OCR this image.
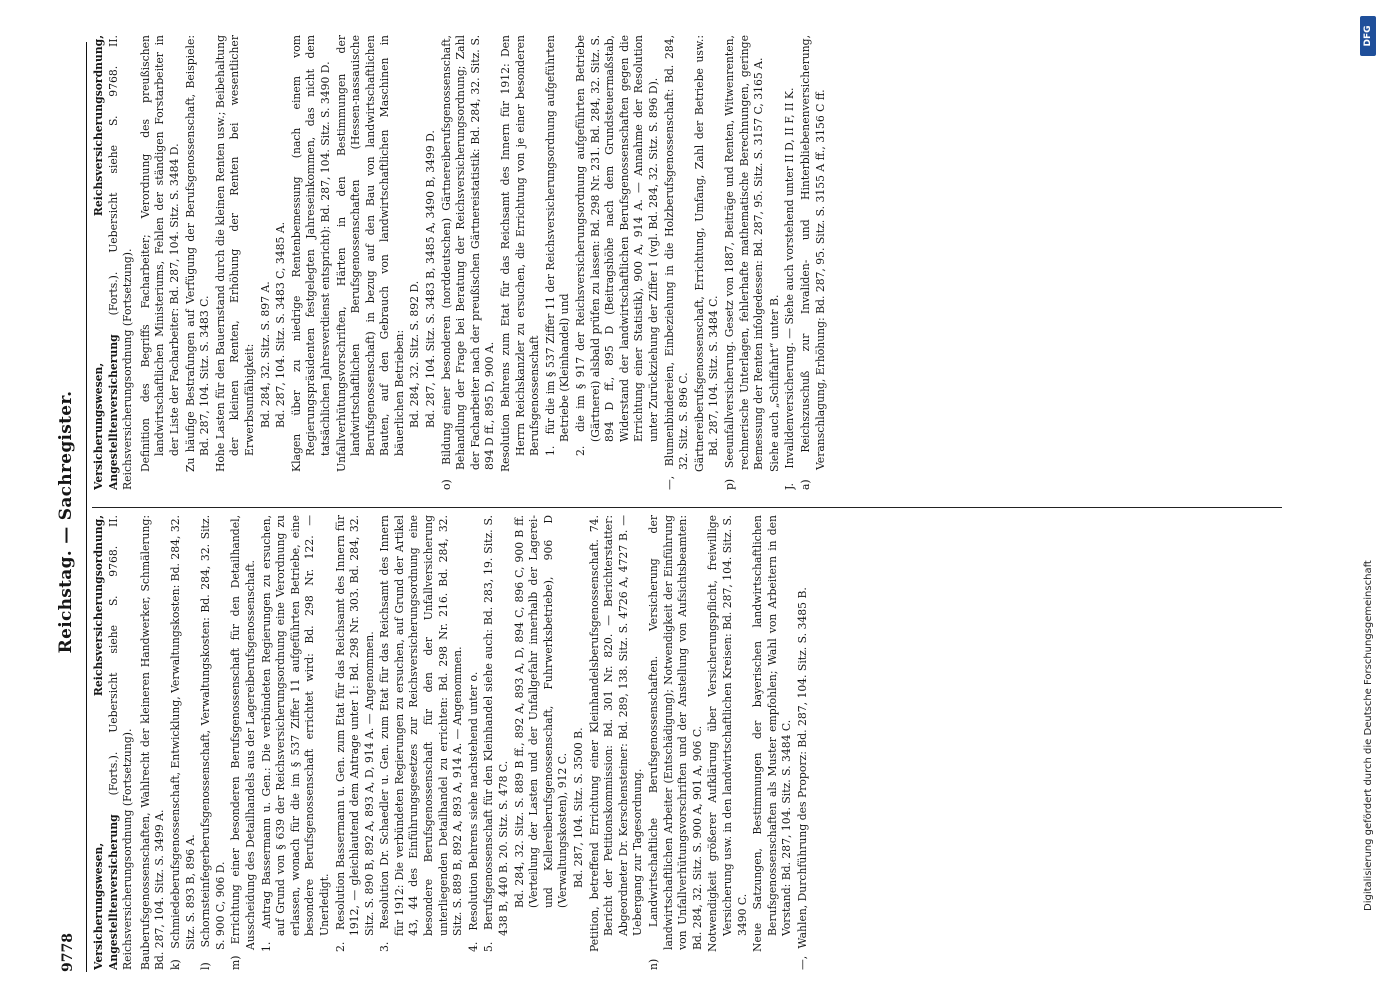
9778
Reichstag. — Sachregister. Versicherungswesen, Reichsversicherungsordnung, Angestelltenversicherung (Forts.). Uebersicht siehe S. 9768. II. Reichsversicherungsordnung (Fortsetzung). Bauberufsgenossenschaften, Wahlrecht der kleineren Handwerker, Schmälerung: Bd. 287, 104. Sitz. S. 3499 A. k) Schmiedeberufsgenossenschaft, Entwicklung, Verwaltungskosten: Bd. 284, 32. Sitz. S. 893 B, 896 A.
l) Schornsteinfegerberufsgenossenschaft, Verwaltungskosten: Bd. 284, 32. Sitz. S. 900 C, 906 D.
m) Errichtung einer besonderen Berufsgenossenschaft für den Detailhandel, Ausscheidung des Detailhandels aus der Lagereiberufsgenossenschaft. 1. Antrag Bassermann u. Gen.: Die verbündeten Regierungen zu ersuchen, auf Grund von § 639 der Reichsversicherungsordnung eine Verordnung zu erlassen, wonach für die im § 537 Ziffer 11 aufgeführten Betriebe, eine besondere Berufsgenossenschaft errichtet wird: Bd. 298 Nr. 122. — Unerledigt.
2. Resolution Bassermann u. Gen. zum Etat für das Reichsamt des Innern für 1912, — gleichlautend dem Antrage unter 1: Bd. 298 Nr. 303. Bd. 284, 32. Sitz. S. 890 B, 892 A, 893 A, D, 914 A. — Angenommen.
3. Resolution Dr. Schaedler u. Gen. zum Etat für das Reichsamt des Innern für 1912: Die verbündeten Regierungen zu ersuchen, auf Grund der Artikel 43, 44 des Einführungsgesetzes zur Reichsversicherungsordnung eine besondere Berufsgenossenschaft für den der Unfallversicherung unterliegenden Detailhandel zu errichten: Bd. 298 Nr. 216. Bd. 284, 32. Sitz. S. 889 B, 892 A, 893 A, 914 A. — Angenommen.
4. Resolution Behrens siehe nachstehend unter o.
5. Berufsgenossenschaft für den Kleinhandel siehe auch: Bd. 283, 19. Sitz. S. 438 B, 440 B. 20. Sitz. S. 478 C. Bd. 284, 32. Sitz. S. 889 B ff., 892 A, 893 A, D, 894 C, 896 C, 900 B ff. (Verteilung der Lasten und der Unfallgefahr innerhalb der Lagerei- und Kellereiberufsgenossenschaft, Fuhrwerksbetriebe), 906 D (Verwaltungskosten), 912 C. Bd. 287, 104. Sitz. S. 3500 B. Petition, betreffend Errichtung einer Kleinhandelsberufsgenossenschaft. 74. Bericht der Petitionskommission: Bd. 301 Nr. 820. — Berichterstatter: Abgeordneter Dr. Kerschensteiner: Bd. 289, 138. Sitz. S. 4726 A, 4727 B. — Uebergang zur Tagesordnung.
n) Landwirtschaftliche Berufsgenossenschaften. Versicherung der landwirtschaftlichen Arbeiter (Entschädigung); Notwendigkeit der Einführung von Unfallverhütungsvorschriften und der Anstellung von Aufsichtsbeamten: Bd. 284, 32. Sitz. S. 900 A, 901 A, 906 C. Notwendigkeit größerer Aufklärung über Versicherungspflicht, freiwillige Versicherung usw. in den landwirtschaftlichen Kreisen: Bd. 287, 104. Sitz. S. 3490 C. Neue Satzungen, Bestimmungen der bayerischen landwirtschaftlichen Berufsgenossenschaften als Muster empfohlen; Wahl von Arbeitern in den Vorstand: Bd. 287, 104. Sitz. S. 3484 C.
—, Wahlen, Durchführung des Proporz: Bd. 287, 104. Sitz. S. 3485 B.
Versicherungswesen, Reichsversicherungsordnung, Angestelltenversicherung (Forts.). Uebersicht siehe S. 9768. II. Reichsversicherungsordnung (Fortsetzung). Definition des Begriffs Facharbeiter; Verordnung des preußischen landwirtschaftlichen Ministeriums, Fehlen der ständigen Forstarbeiter in der Liste der Facharbeiter: Bd. 287, 104. Sitz. S. 3484 D. Zu häufige Bestrafungen auf Verfügung der Berufsgenossenschaft, Beispiele: Bd. 287, 104. Sitz. S. 3483 C. Hohe Lasten für den Bauernstand durch die kleinen Renten usw.; Beibehaltung der kleinen Renten, Erhöhung der Renten bei wesentlicher Erwerbsunfähigkeit: Bd. 284, 32. Sitz. S. 897 A. Bd. 287, 104. Sitz. S. 3483 C, 3485 A. Klagen über zu niedrige Rentenbemessung (nach einem vom Regierungspräsidenten festgelegten Jahreseinkommen, das nicht dem tatsächlichen Jahresverdienst entspricht): Bd. 287, 104. Sitz. S. 3490 D. Unfallverhütungsvorschriften, Härten in den Bestimmungen der landwirtschaftlichen Berufsgenossenschaften (Hessen-nassauische Berufsgenossenschaft) in bezug auf den Bau von landwirtschaftlichen Bauten, auf den Gebrauch von landwirtschaftlichen Maschinen in bäuerlichen Betrieben: Bd. 284, 32. Sitz. S. 892 D. Bd. 287, 104. Sitz. S. 3483 B, 3485 A, 3490 B, 3499 D.
o) Bildung einer besonderen (norddeutschen) Gärtnereiberufsgenossenschaft, Behandlung der Frage bei Beratung der Reichsversicherungsordnung; Zahl der Facharbeiter nach der preußischen Gärtnereistatistik: Bd. 284, 32. Sitz. S. 894 D ff., 895 D, 900 A. Resolution Behrens zum Etat für das Reichsamt des Innern für 1912: Den Herrn Reichskanzler zu ersuchen, die Errichtung von je einer besonderen Berufsgenossenschaft 1. für die im § 537 Ziffer 11 der Reichsversicherungsordnung aufgeführten Betriebe (Kleinhandel) und
2. die im § 917 der Reichsversicherungsordnung aufgeführten Betriebe (Gärtnerei) alsbald prüfen zu lassen: Bd. 298 Nr. 231. Bd. 284, 32. Sitz. S. 894 D ff., 895 D (Beitragshöhe nach dem Grundsteuermaßstab, Widerstand der landwirtschaftlichen Berufsgenossenschaften gegen die Errichtung einer Statistik), 900 A, 914 A. — Annahme der Resolution unter Zurückziehung der Ziffer 1 (vgl. Bd. 284, 32. Sitz. S. 896 D).
—, Blumenbindereien, Einbeziehung in die Holzberufsgenossenschaft: Bd. 284, 32. Sitz. S. 896 C. Gärtnereiberufsgenossenschaft, Errichtung, Umfang, Zahl der Betriebe usw.: Bd. 287, 104. Sitz. S. 3484 C.
p) Seeunfallversicherung. Gesetz von 1887, Beiträge und Renten, Witwenrenten, rechnerische Unterlagen, fehlerhafte mathematische Berechnungen, geringe Bemessung der Renten infolgedessen: Bd. 287, 95. Sitz. S. 3157 C, 3165 A. Siehe auch „Schiffahrt“ unter B.
J. Invalidenversicherung. — Siehe auch vorstehend unter II D, II F, II K.
a) Reichszuschuß zur Invaliden- und Hinterbliebenenversicherung, Veranschlagung, Erhöhung: Bd. 287, 95. Sitz. S. 3155 A ff., 3156 C ff.
DFG
Digitalisierung gefördert durch die Deutsche Forschungsgemeinschaft
